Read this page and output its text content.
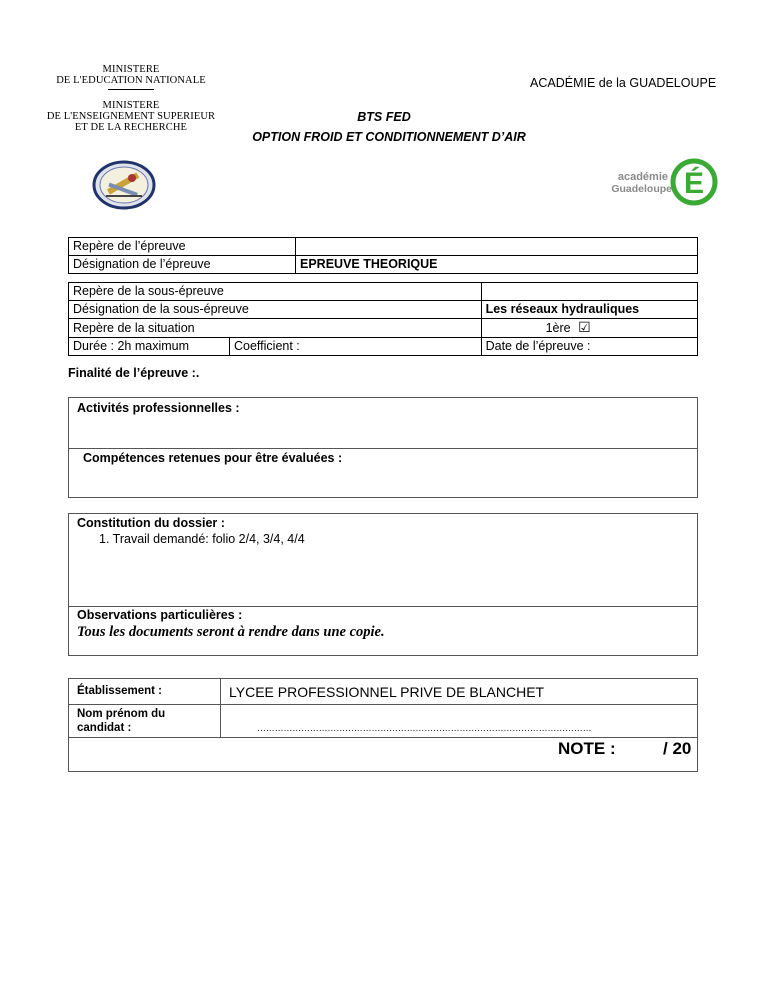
MINISTERE
DE L'EDUCATION NATIONALE
MINISTERE
DE L'ENSEIGNEMENT SUPERIEUR
ET DE LA RECHERCHE
ACADÉMIE de la GUADELOUPE
BTS FED
OPTION FROID ET CONDITIONNEMENT D’AIR
É
académie
Guadeloupe
Repère de l’épreuve	
Désignation de l’épreuve	EPREUVE THEORIQUE
Repère de la sous-épreuve		
Désignation de la sous-épreuve		Les réseaux hydrauliques
Repère de la situation		1ère ☑
Durée : 2h maximum	Coefficient :	Date de l’épreuve :
Finalité de l’épreuve :.
Activités professionnelles :
Compétences retenues pour être évaluées :
Constitution du dossier :
1. Travail demandé: folio 2/4, 3/4, 4/4
Observations particulières :
Tous les documents seront à rendre dans une copie.
Établissement :	LYCEE PROFESSIONNEL PRIVE DE BLANCHET
Nom prénom du
candidat :	……………………………………………………………………………………………………
NOTE :	/ 20
